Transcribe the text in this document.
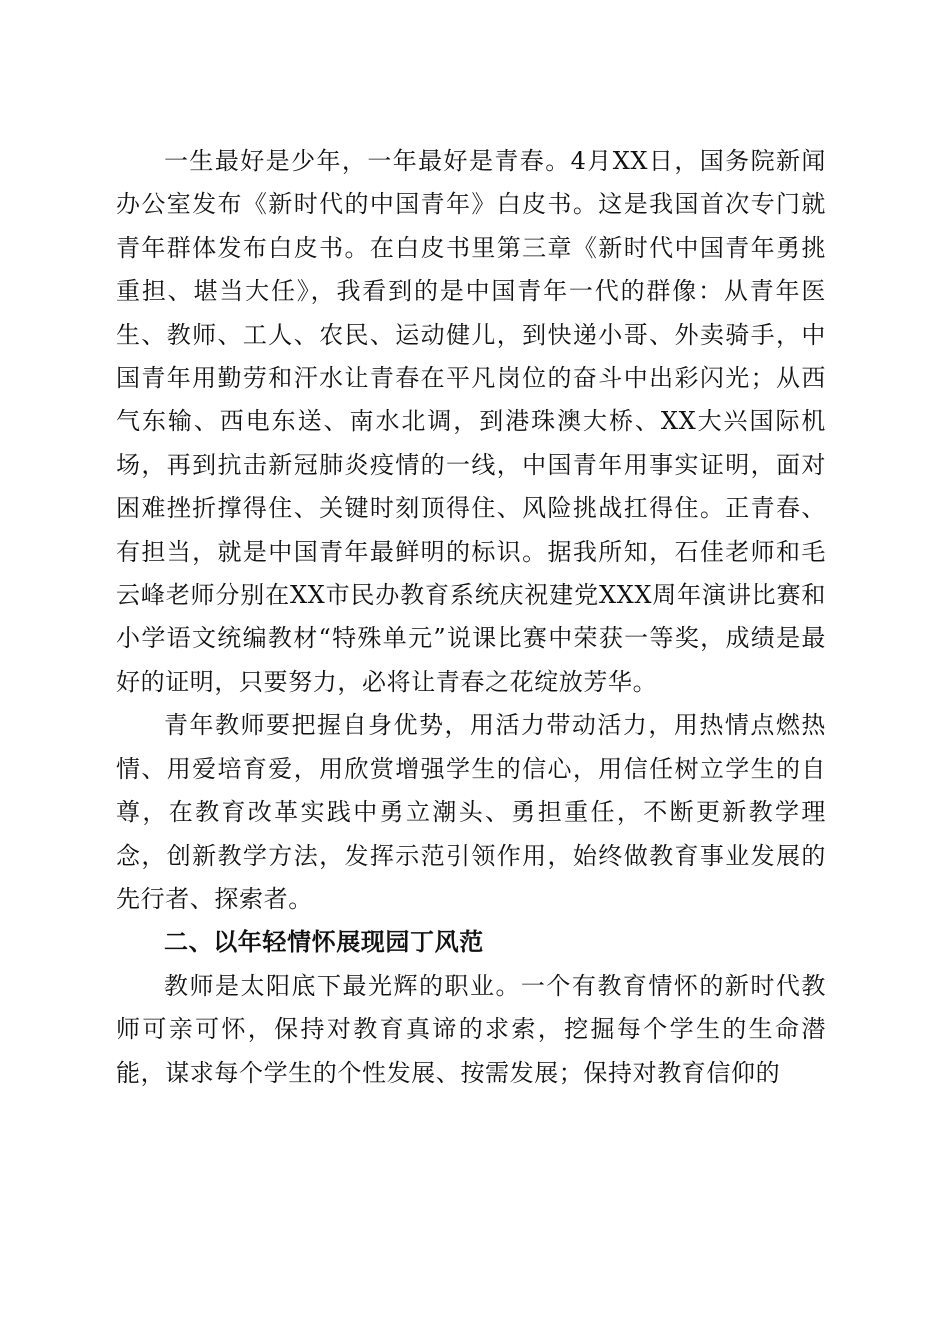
一生最好是少年，一年最好是青春。4月XX日，国务院新闻办公室发布《新时代的中国青年》白皮书。这是我国首次专门就青年群体发布白皮书。在白皮书里第三章《新时代中国青年勇挑重担、堪当大任》，我看到的是中国青年一代的群像：从青年医生、教师、工人、农民、运动健儿，到快递小哥、外卖骑手，中国青年用勤劳和汗水让青春在平凡岗位的奋斗中出彩闪光；从西气东输、西电东送、南水北调，到港珠澳大桥、XX大兴国际机场，再到抗击新冠肺炎疫情的一线，中国青年用事实证明，面对困难挫折撑得住、关键时刻顶得住、风险挑战扛得住。正青春、有担当，就是中国青年最鲜明的标识。据我所知，石佳老师和毛云峰老师分别在XX市民办教育系统庆祝建党XXX周年演讲比赛和小学语文统编教材“特殊单元”说课比赛中荣获一等奖，成绩是最好的证明，只要努力，必将让青春之花绽放芳华。

青年教师要把握自身优势，用活力带动活力，用热情点燃热情、用爱培育爱，用欣赏增强学生的信心，用信任树立学生的自尊，在教育改革实践中勇立潮头、勇担重任，不断更新教学理念，创新教学方法，发挥示范引领作用，始终做教育事业发展的先行者、探索者。

二、以年轻情怀展现园丁风范

教师是太阳底下最光辉的职业。一个有教育情怀的新时代教师可亲可怀，保持对教育真谛的求索，挖掘每个学生的生命潜能，谋求每个学生的个性发展、按需发展；保持对教育信仰的
